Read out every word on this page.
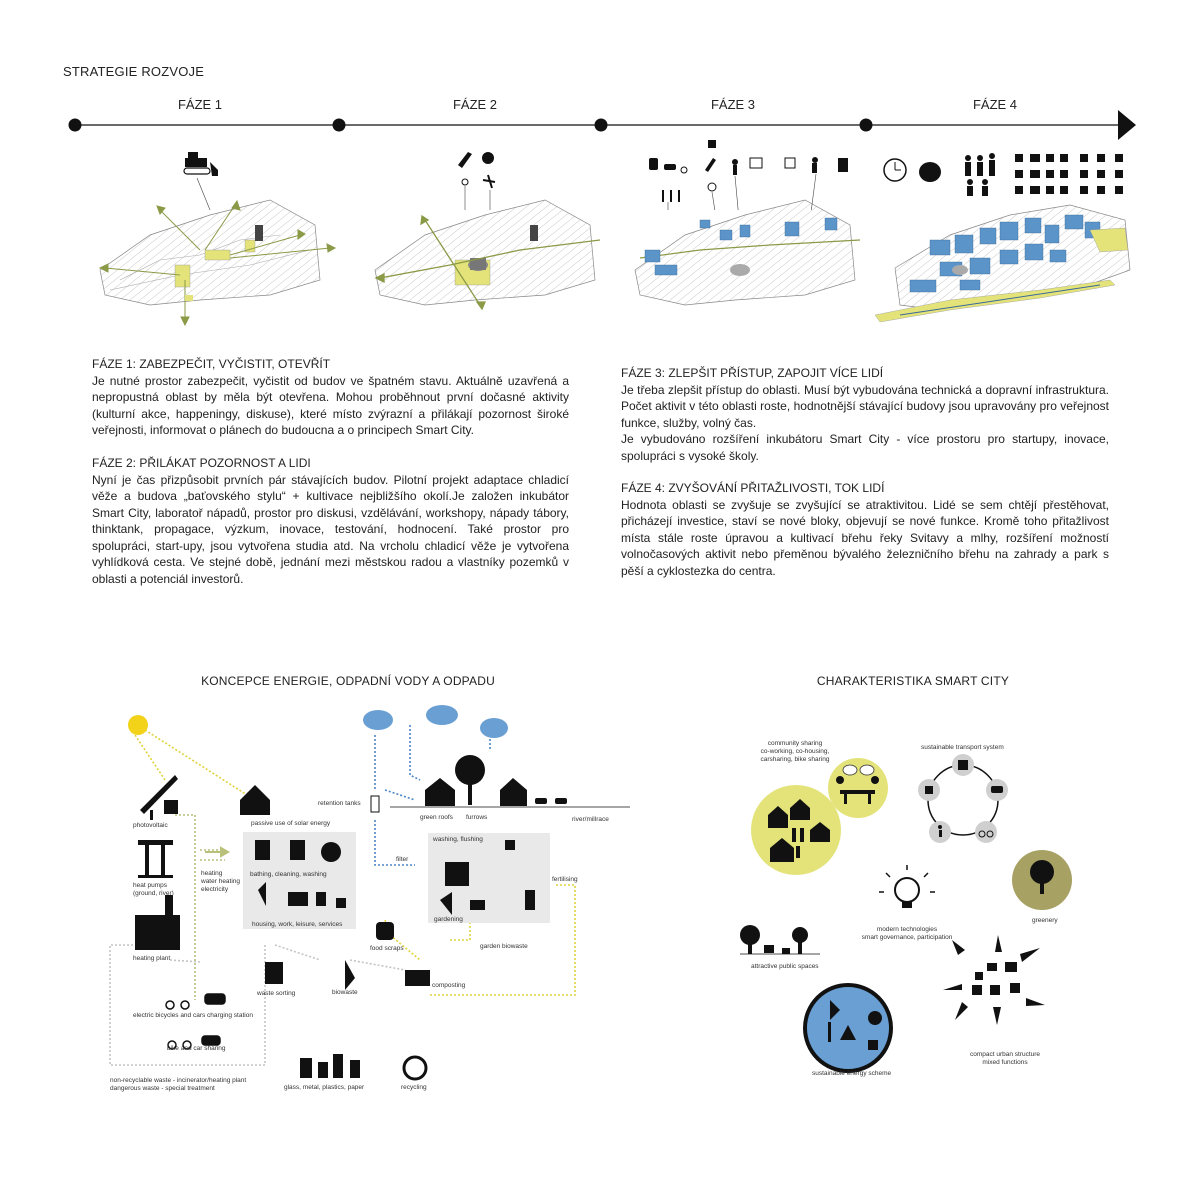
STRATEGIE ROZVOJE
FÁZE 1	FÁZE 2	FÁZE 3	FÁZE 4

FÁZE 1: ZABEZPEČIT, VYČISTIT, OTEVŘÍT

Je nutné prostor zabezpečit, vyčistit od budov ve špatném stavu. Aktuálně uzavřená a nepropustná oblast by měla být otevřena. Mohou proběhnout první dočasné aktivity (kulturní akce, happeningy, diskuse), které místo zvýrazní a přilákají pozornost široké veřejnosti, informovat o plánech do budoucna a o principech Smart City.

FÁZE 2: PŘILÁKAT POZORNOST A LIDI

Nyní je čas přizpůsobit prvních pár stávajících budov. Pilotní projekt adaptace chladicí věže a budova „baťovského stylu“ + kultivace nejbližšího okolí.Je založen inkubátor Smart City, laboratoř nápadů, prostor pro diskusi, vzdělávání, workshopy, nápady tábory, thinktank, propagace, výzkum, inovace, testování, hodnocení. Také prostor pro spolupráci, start-upy, jsou vytvořena studia atd. Na vrcholu chladicí věže je vytvořena vyhlídková cesta. Ve stejné době, jednání mezi městskou radou a vlastníky pozemků v oblasti a potenciál investorů.

FÁZE 3: ZLEPŠIT PŘÍSTUP, ZAPOJIT VÍCE LIDÍ

Je třeba zlepšit přístup do oblasti. Musí být vybudována technická a dopravní infrastruktura. Počet aktivit v této oblasti roste, hodnotnější stávající budovy jsou upravovány pro veřejnost funkce, služby, volný čas.

Je vybudováno rozšíření inkubátoru Smart City - více prostoru pro startupy, inovace, spolupráci s vysoké školy.

FÁZE 4: ZVYŠOVÁNÍ PŘITAŽLIVOSTI, TOK LIDÍ

Hodnota oblasti se zvyšuje se zvyšující se atraktivitou. Lidé se sem chtějí přestěhovat, přicházejí investice, staví se nové bloky, objevují se nové funkce. Kromě toho přitažlivost místa stále roste úpravou a kultivací břehu řeky Svitavy a mlhy, rozšíření možností volnočasových aktivit nebo přeměnou bývalého železničního břehu na zahrady a park s pěší a cyklostezka do centra.

KONCEPCE ENERGIE, ODPADNÍ VODY A ODPADU	CHARAKTERISTIKA SMART CITY
photovoltaic
heat pumps
(ground, river)
heating plant
passive use of solar energy
heating
water heating
electricity
bathing, cleaning, washing
housing, work, leisure, services
retention tanks
green roofs furrows	river/millrace
filter
washing, flushing
gardening
fertilising
food scraps	garden biowaste
waste sorting	biowaste
composting
electric bicycles and cars charging station
bike and car sharing
non-recyclable waste - incinerator/heating plant
dangerous waste - special treatment	glass, metal, plastics, paper	recycling
community sharing
co-working, co-housing,
carsharing, bike sharing
sustainable transport system
greenery
modern technologies
smart governance, participation
attractive public spaces
compact urban structure
mixed functions
sustainable energy scheme
